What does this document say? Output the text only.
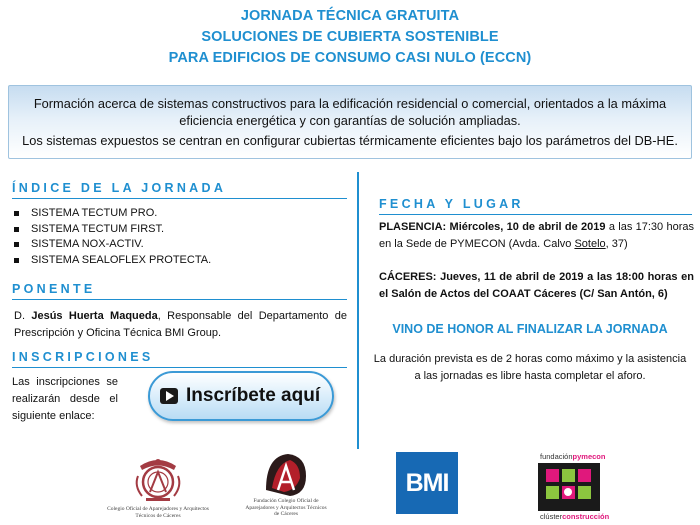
JORNADA TÉCNICA GRATUITA
SOLUCIONES DE CUBIERTA SOSTENIBLE
PARA EDIFICIOS DE CONSUMO CASI NULO (ECCN)

Formación acerca de sistemas constructivos para la edificación residencial o comercial, orientados a la máxima eficiencia energética y con garantías de solución ampliadas.

Los sistemas expuestos se centran en configurar cubiertas térmicamente eficientes bajo los parámetros del DB-HE.

ÍNDICE DE LA JORNADA
SISTEMA TECTUM PRO.
SISTEMA TECTUM FIRST.
SISTEMA NOX-ACTIV.
SISTEMA SEALOFLEX PROTECTA.
PONENTE
D. Jesús Huerta Maqueda, Responsable del Departamento de Prescripción y Oficina Técnica BMI Group.
INSCRIPCIONES
Las inscripciones se realizarán desde el siguiente enlace:
Inscríbete aquí
FECHA Y LUGAR
PLASENCIA: Miércoles, 10 de abril de 2019 a las 17:30 horas en la Sede de PYMECON (Avda. Calvo Sotelo, 37)
CÁCERES: Jueves, 11 de abril de 2019 a las 18:00 horas en el Salón de Actos del COAAT Cáceres (C/ San Antón, 6)
VINO DE HONOR AL FINALIZAR LA JORNADA
La duración prevista es de 2 horas como máximo y la asistencia a las jornadas es libre hasta completar el aforo.
Colegio Oficial de Aparejadores y Arquitectos Técnicos de Cáceres
Fundación Colegio Oficial de Aparejadores y Arquitectos Técnicos de Cáceres
BMI
fundaciónpymecon
clústerconstrucción
